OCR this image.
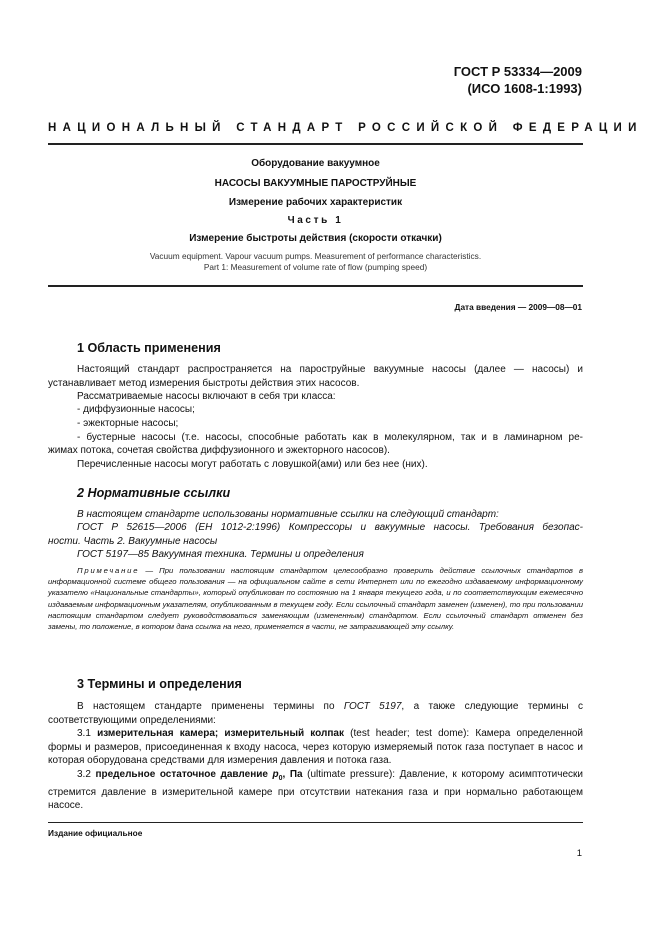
ГОСТ Р 53334—2009
(ИСО 1608-1:1993)
НАЦИОНАЛЬНЫЙ СТАНДАРТ РОССИЙСКОЙ ФЕДЕРАЦИИ
Оборудование вакуумное
НАСОСЫ ВАКУУМНЫЕ ПАРОСТРУЙНЫЕ
Измерение рабочих характеристик
Часть 1
Измерение быстроты действия (скорости откачки)
Vacuum equipment. Vapour vacuum pumps. Measurement of performance characteristics.
Part 1: Measurement of volume rate of flow (pumping speed)
Дата введения — 2009—08—01
1 Область применения
Настоящий стандарт распространяется на пароструйные вакуумные насосы (далее — насосы) и устанавливает метод измерения быстроты действия этих насосов.
Рассматриваемые насосы включают в себя три класса:
- диффузионные насосы;
- эжекторные насосы;
- бустерные насосы (т.е. насосы, способные работать как в молекулярном, так и в ламинарном ре-
жимах потока, сочетая свойства диффузионного и эжекторного насосов).
Перечисленные насосы могут работать с ловушкой(ами) или без нее (них).
2 Нормативные ссылки
В настоящем стандарте использованы нормативные ссылки на следующий стандарт:
ГОСТ Р 52615—2006 (ЕН 1012-2:1996) Компрессоры и вакуумные насосы. Требования безопас-
ности. Часть 2. Вакуумные насосы
ГОСТ 5197—85 Вакуумная техника. Термины и определения
Примечание — При пользовании настоящим стандартом целесообразно проверить действие ссылочных стандартов в информационной системе общего пользования — на официальном сайте в сети Интернет или по ежегодно издаваемому информационному указателю «Национальные стандарты», который опубликован по состоянию на 1 января текущего года, и по соответствующим ежемесячно издаваемым информационным указателям, опубликованным в текущем году. Если ссылочный стандарт заменен (изменен), то при пользовании настоящим стандартом следует руководствоваться заменяющим (измененным) стандартом. Если ссылочный стандарт отменен без замены, то положение, в котором дана ссылка на него, применяется в части, не затрагивающей эту ссылку.
3 Термины и определения
В настоящем стандарте применены термины по ГОСТ 5197, а также следующие термины с соответствующими определениями:
3.1 измерительная камера; измерительный колпак (test header; test dome): Камера определенной формы и размеров, присоединенная к входу насоса, через которую измеряемый поток газа поступает в насос и которая оборудована средствами для измерения давления и потока газа.
3.2 предельное остаточное давление $p_0$, Па (ultimate pressure): Давление, к которому асимптотически стремится давление в измерительной камере при отсутствии натекания газа и при нормально работающем насосе.
Издание официальное
1
